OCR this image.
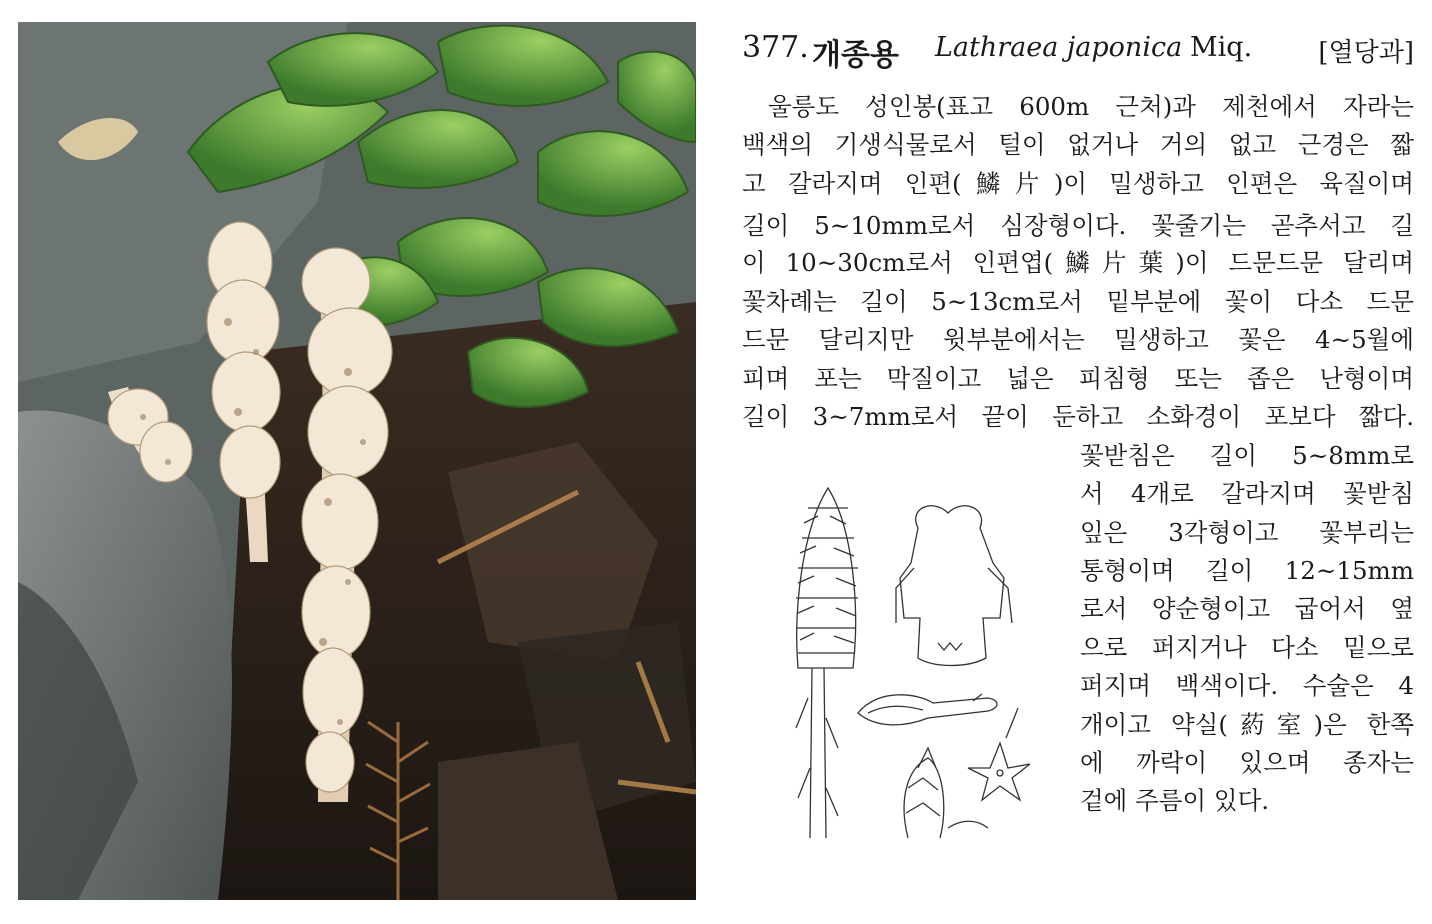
377. 개종용 Lathraea japonica Miq.	[열당과]
울릉도 성인봉(표고 600m 근처)과 제천에서 자라는
백색의 기생식물로서 털이 없거나 거의 없고 근경은 짧
고 갈라지며 인편(鱗片)이 밀생하고 인편은 육질이며
길이 5~10mm로서 심장형이다. 꽃줄기는 곧추서고 길
이 10~30cm로서 인편엽(鱗片葉)이 드문드문 달리며
꽃차례는 길이 5~13cm로서 밑부분에 꽃이 다소 드문
드문 달리지만 윗부분에서는 밀생하고 꽃은 4~5월에
피며 포는 막질이고 넓은 피침형 또는 좁은 난형이며
길이 3~7mm로서 끝이 둔하고 소화경이 포보다 짧다.
꽃받침은 길이 5~8mm로
서 4개로 갈라지며 꽃받침
잎은 3각형이고 꽃부리는
통형이며 길이 12~15mm
로서 양순형이고 굽어서 옆
으로 퍼지거나 다소 밑으로
퍼지며 백색이다. 수술은 4
개이고 약실(葯室)은 한쪽
에 까락이 있으며 종자는
겉에 주름이 있다.
